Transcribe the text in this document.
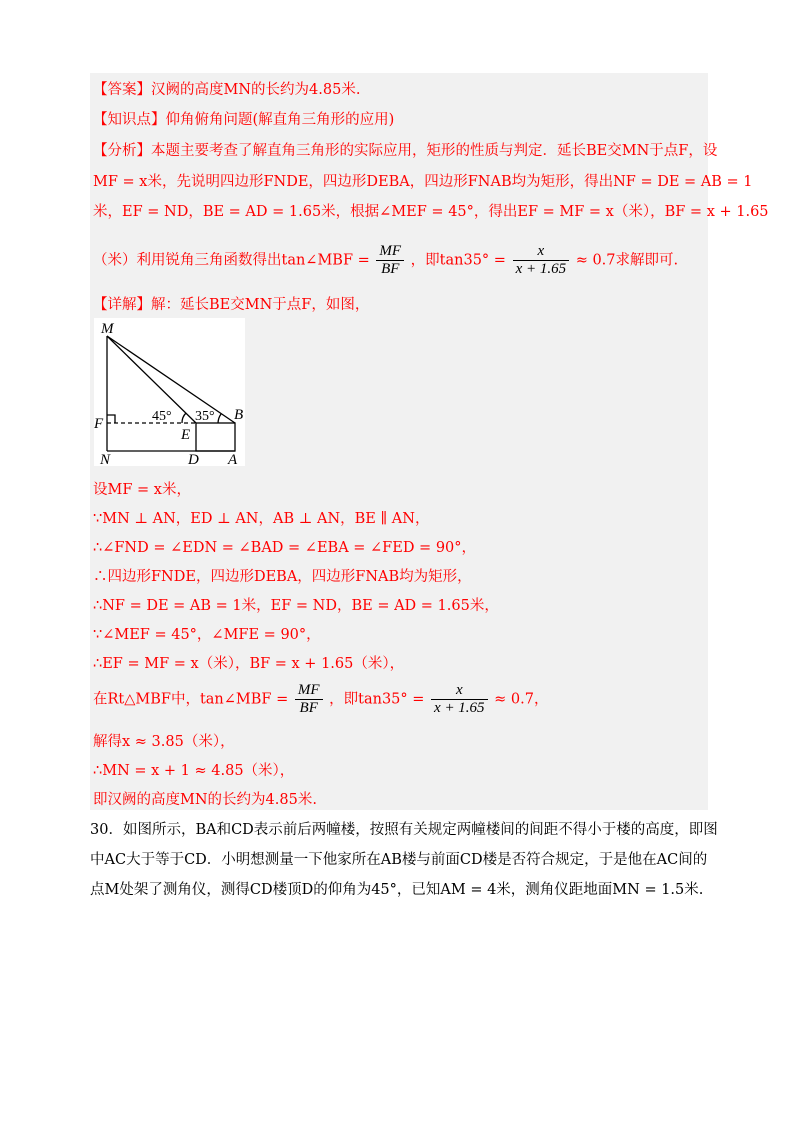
【答案】汉阙的高度MN的长约为4.85米.
【知识点】仰角俯角问题(解直角三角形的应用)
【分析】本题主要考查了解直角三角形的实际应用，矩形的性质与判定．延长BE交MN于点F，设
MF = x米，先说明四边形FNDE，四边形DEBA，四边形FNAB均为矩形，得出NF = DE = AB = 1
米，EF = ND，BE = AD = 1.65米，根据∠MEF = 45°，得出EF = MF = x（米），BF = x + 1.65
（米）利用锐角三角函数得出tan∠MBF = $\frac{MF}{BF}$ ，即$\tan 35^\circ = \frac{x}{x + 1.65} \approx 0.7$求解即可.
【详解】解：延长BE交MN于点F，如图，
M
F
N
E
D A
B
45° 35°
设MF = x米，
∵MN ⊥ AN，ED ⊥ AN，AB ⊥ AN，BE ∥ AN，
∴∠FND = ∠EDN = ∠BAD = ∠EBA = ∠FED = 90°，
∴四边形FNDE，四边形DEBA，四边形FNAB均为矩形，
∴NF = DE = AB = 1米，EF = ND，BE = AD = 1.65米，
∵∠MEF = 45°，∠MFE = 90°，
∴EF = MF = x（米），BF = x + 1.65（米），
在Rt△MBF中，tan∠MBF = $\frac{MF}{BF}$ ，即$\tan 35^\circ = \frac{x}{x + 1.65} \approx 0.7$，
解得x ≈ 3.85（米），
∴MN = x + 1 ≈ 4.85（米），
即汉阙的高度MN的长约为4.85米.
30．如图所示，BA和CD表示前后两幢楼，按照有关规定两幢楼间的间距不得小于楼的高度，即图
中AC大于等于CD．小明想测量一下他家所在AB楼与前面CD楼是否符合规定，于是他在AC间的
点M处架了测角仪，测得CD楼顶D的仰角为45°，已知AM = 4米，测角仪距地面MN = 1.5米.
